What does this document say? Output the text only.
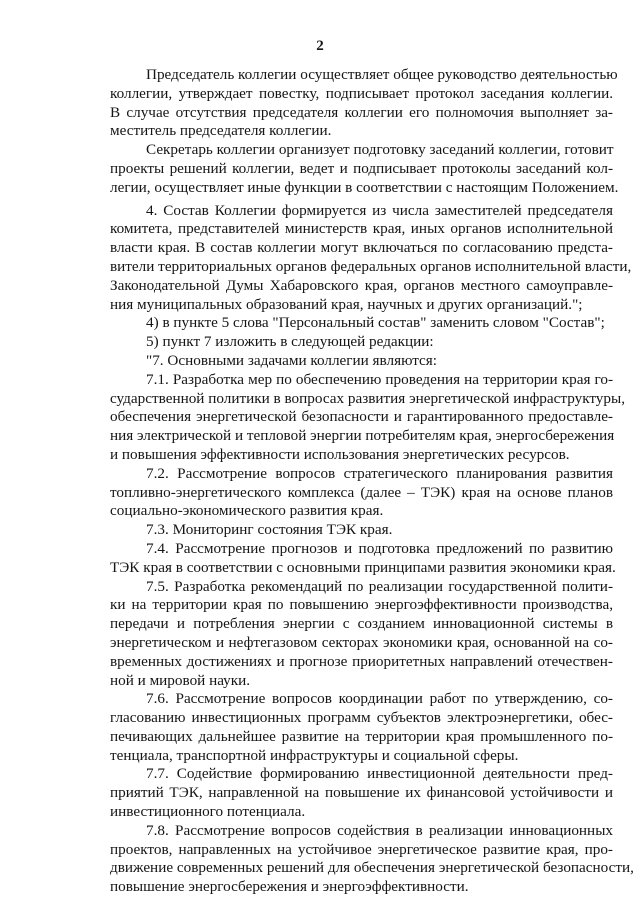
2
Председатель коллегии осуществляет общее руководство деятельностью
коллегии, утверждает повестку, подписывает протокол заседания коллегии.
В случае отсутствия председателя коллегии его полномочия выполняет за-
меститель председателя коллегии.
Секретарь коллегии организует подготовку заседаний коллегии, готовит
проекты решений коллегии, ведет и подписывает протоколы заседаний кол-
легии, осуществляет иные функции в соответствии с настоящим Положением.
4. Состав Коллегии формируется из числа заместителей председателя
комитета, представителей министерств края, иных органов исполнительной
власти края. В состав коллегии могут включаться по согласованию предста-
вители территориальных органов федеральных органов исполнительной власти,
Законодательной Думы Хабаровского края, органов местного самоуправле-
ния муниципальных образований края, научных и других организаций.";
4) в пункте 5 слова "Персональный состав" заменить словом "Состав";
5) пункт 7 изложить в следующей редакции:
"7. Основными задачами коллегии являются:
7.1. Разработка мер по обеспечению проведения на территории края го-
сударственной политики в вопросах развития энергетической инфраструктуры,
обеспечения энергетической безопасности и гарантированного предоставле-
ния электрической и тепловой энергии потребителям края, энергосбережения
и повышения эффективности использования энергетических ресурсов.
7.2. Рассмотрение вопросов стратегического планирования развития
топливно-энергетического комплекса (далее – ТЭК) края на основе планов
социально-экономического развития края.
7.3. Мониторинг состояния ТЭК края.
7.4. Рассмотрение прогнозов и подготовка предложений по развитию
ТЭК края в соответствии с основными принципами развития экономики края.
7.5. Разработка рекомендаций по реализации государственной полити-
ки на территории края по повышению энергоэффективности производства,
передачи и потребления энергии с созданием инновационной системы в
энергетическом и нефтегазовом секторах экономики края, основанной на со-
временных достижениях и прогнозе приоритетных направлений отечествен-
ной и мировой науки.
7.6. Рассмотрение вопросов координации работ по утверждению, со-
гласованию инвестиционных программ субъектов электроэнергетики, обес-
печивающих дальнейшее развитие на территории края промышленного по-
тенциала, транспортной инфраструктуры и социальной сферы.
7.7. Содействие формированию инвестиционной деятельности пред-
приятий ТЭК, направленной на повышение их финансовой устойчивости и
инвестиционного потенциала.
7.8. Рассмотрение вопросов содействия в реализации инновационных
проектов, направленных на устойчивое энергетическое развитие края, про-
движение современных решений для обеспечения энергетической безопасности,
повышение энергосбережения и энергоэффективности.
